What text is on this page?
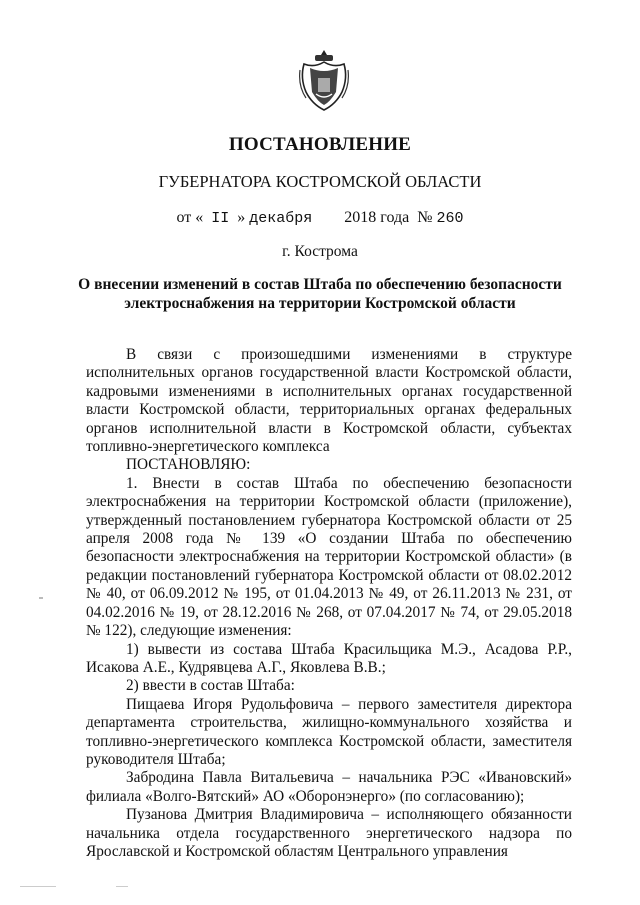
ПОСТАНОВЛЕНИЕ
ГУБЕРНАТОРА КОСТРОМСКОЙ ОБЛАСТИ
от « II » декабря 2018 года № 260
г. Кострома
О внесении изменений в состав Штаба по обеспечению безопасности
электроснабжения на территории Костромской области

В связи с произошедшими изменениями в структуре исполнительных органов государственной власти Костромской области, кадровыми изменениями в исполнительных органах государственной власти Костромской области, территориальных органах федеральных органов исполнительной власти в Костромской области, субъектах топливно-энергетического комплекса

ПОСТАНОВЛЯЮ:

1. Внести в состав Штаба по обеспечению безопасности электроснабжения на территории Костромской области (приложение), утвержденный постановлением губернатора Костромской области от 25 апреля 2008 года № 139 «О создании Штаба по обеспечению безопасности электроснабжения на территории Костромской области» (в редакции постановлений губернатора Костромской области от 08.02.2012 № 40, от 06.09.2012 № 195, от 01.04.2013 № 49, от 26.11.2013 № 231, от 04.02.2016 № 19, от 28.12.2016 № 268, от 07.04.2017 № 74, от 29.05.2018 № 122), следующие изменения:

1) вывести из состава Штаба Красильщика М.Э., Асадова Р.Р., Исакова А.Е., Кудрявцева А.Г., Яковлева В.В.;

2) ввести в состав Штаба:

Пищаева Игоря Рудольфовича – первого заместителя директора департамента строительства, жилищно-коммунального хозяйства и топливно-энергетического комплекса Костромской области, заместителя руководителя Штаба;

Забродина Павла Витальевича – начальника РЭС «Ивановский» филиала «Волго-Вятский» АО «Оборонэнерго» (по согласованию);

Пузанова Дмитрия Владимировича – исполняющего обязанности начальника отдела государственного энергетического надзора по Ярославской и Костромской областям Центрального управления
